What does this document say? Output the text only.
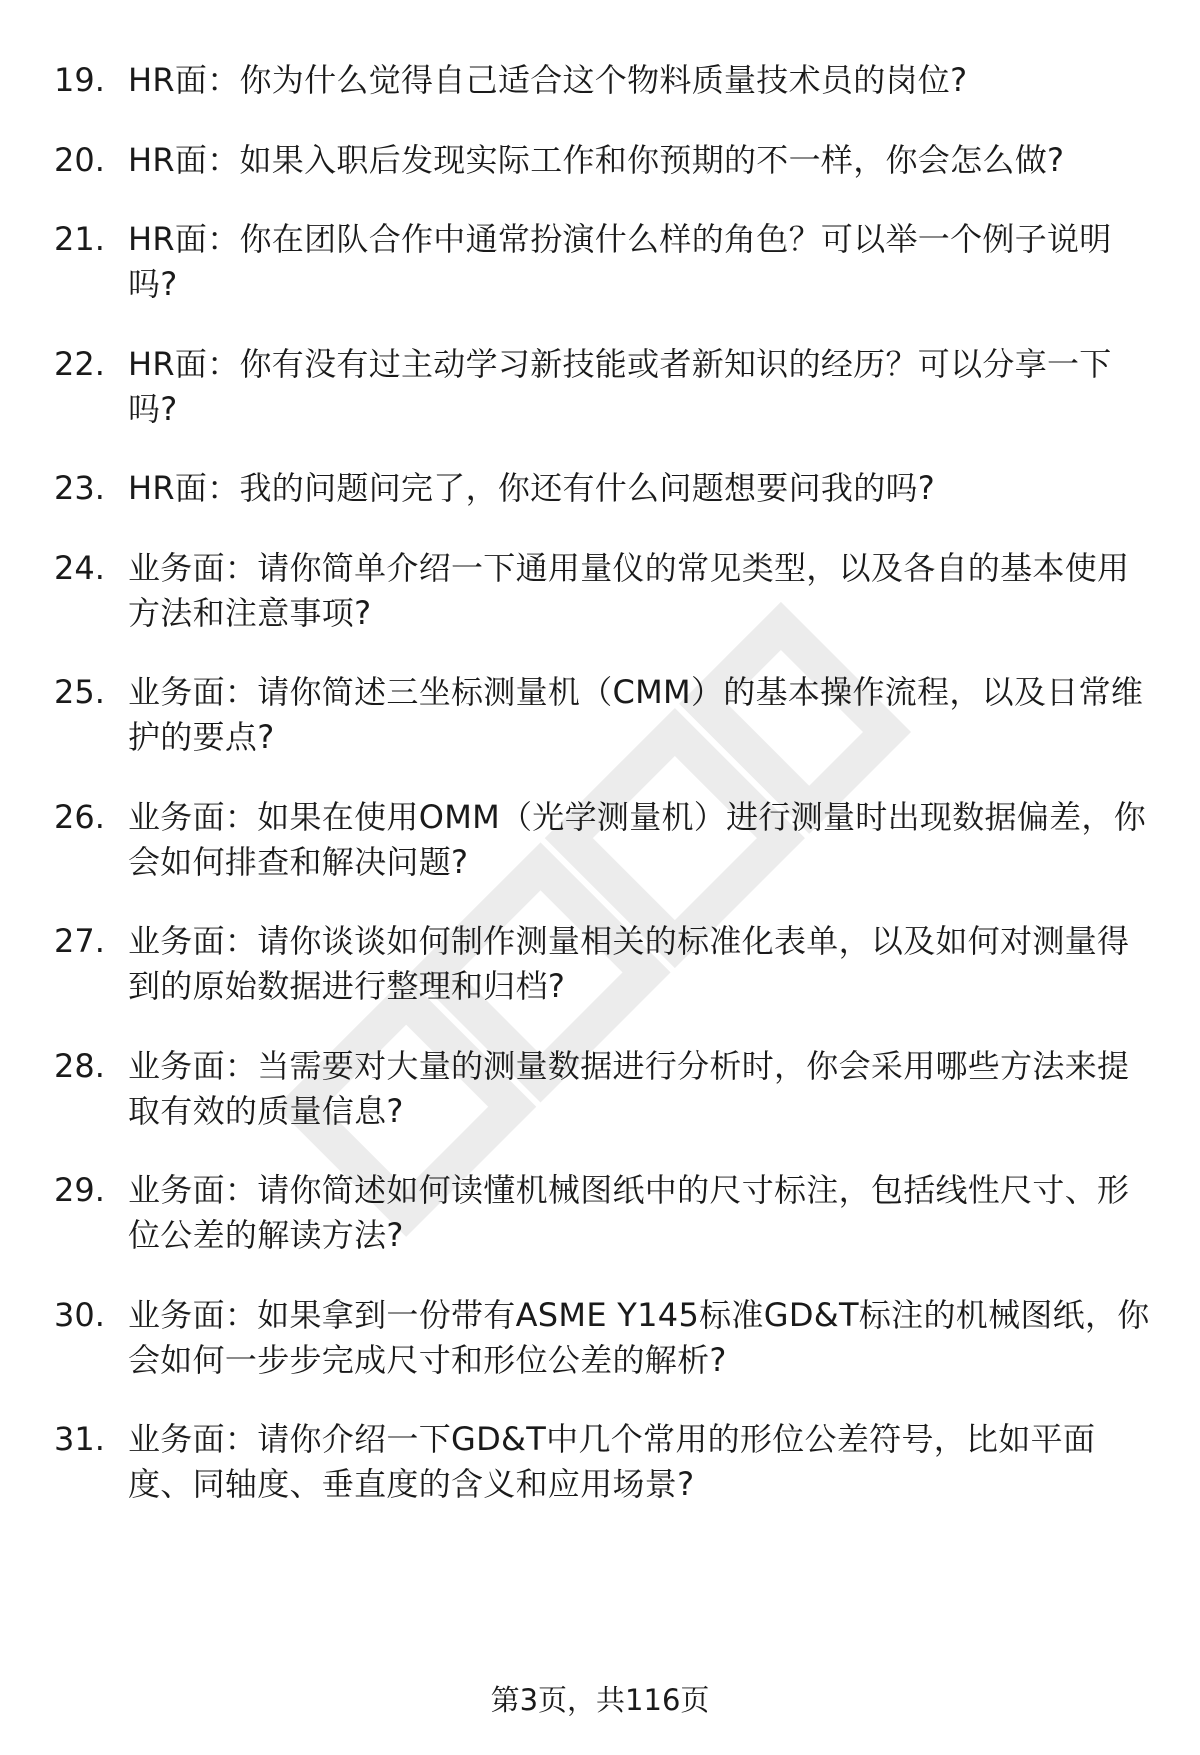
19. HR面：你为什么觉得自己适合这个物料质量技术员的岗位?
20. HR面：如果入职后发现实际工作和你预期的不一样，你会怎么做?
21. HR面：你在团队合作中通常扮演什么样的角色？可以举一个例子说明吗?
22. HR面：你有没有过主动学习新技能或者新知识的经历？可以分享一下吗?
23. HR面：我的问题问完了，你还有什么问题想要问我的吗?
24. 业务面：请你简单介绍一下通用量仪的常见类型，以及各自的基本使用方法和注意事项?
25. 业务面：请你简述三坐标测量机（CMM）的基本操作流程，以及日常维护的要点?
26. 业务面：如果在使用OMM（光学测量机）进行测量时出现数据偏差，你会如何排查和解决问题?
27. 业务面：请你谈谈如何制作测量相关的标准化表单，以及如何对测量得到的原始数据进行整理和归档?
28. 业务面：当需要对大量的测量数据进行分析时，你会采用哪些方法来提取有效的质量信息?
29. 业务面：请你简述如何读懂机械图纸中的尺寸标注，包括线性尺寸、形位公差的解读方法?
30. 业务面：如果拿到一份带有ASME Y145标准GD&T标注的机械图纸，你会如何一步步完成尺寸和形位公差的解析?
31. 业务面：请你介绍一下GD&T中几个常用的形位公差符号，比如平面度、同轴度、垂直度的含义和应用场景?
第3页，共116页
